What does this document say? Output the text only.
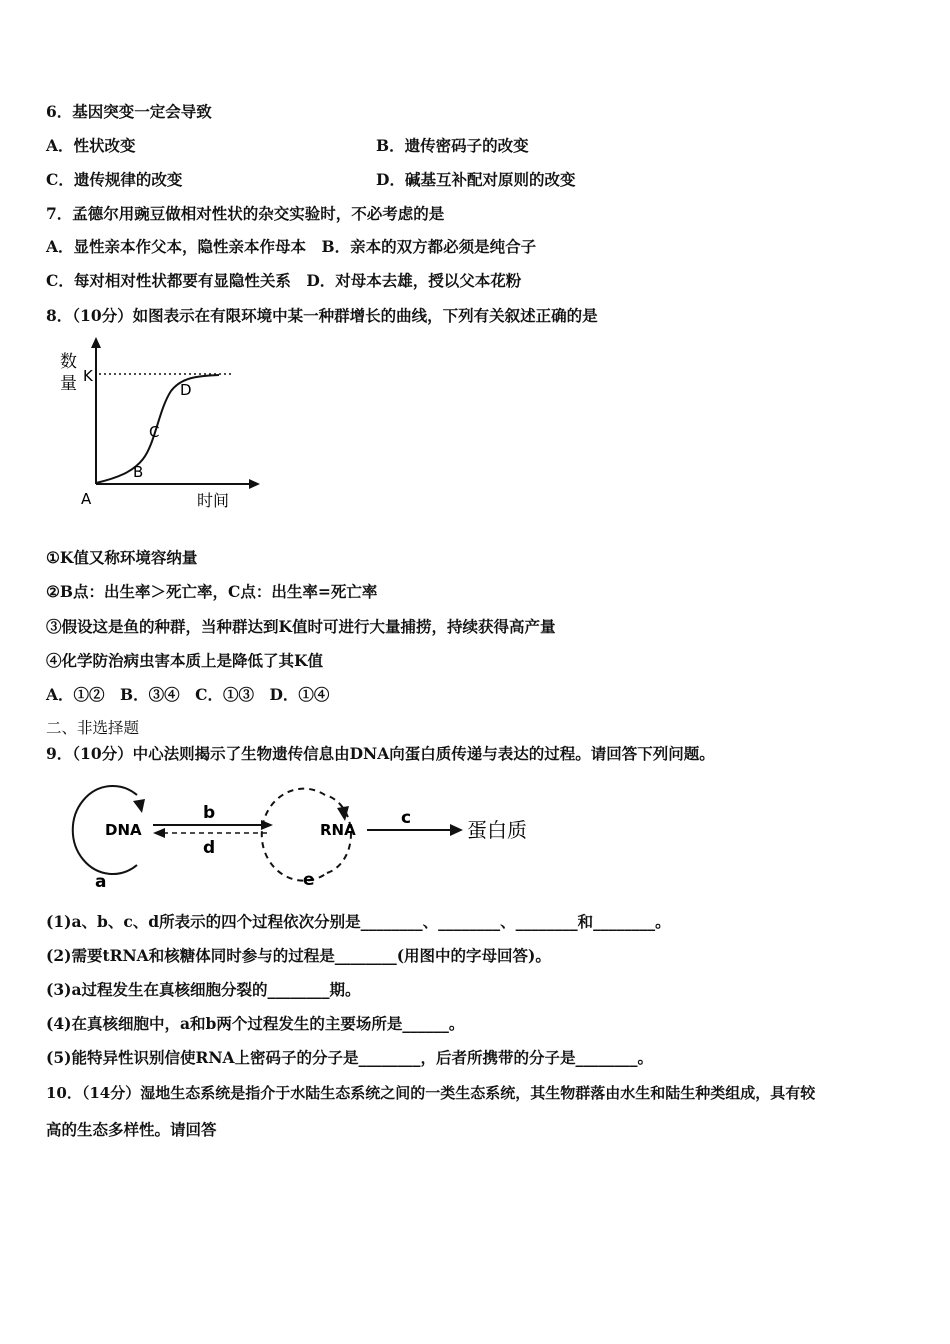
6．基因突变一定会导致
A．性状改变	B．遗传密码子的改变
C．遗传规律的改变	D．碱基互补配对原则的改变
7．孟德尔用豌豆做相对性状的杂交实验时，不必考虑的是
A．显性亲本作父本，隐性亲本作母本　B．亲本的双方都必须是纯合子
C．每对相对性状都要有显隐性关系　D．对母本去雄，授以父本花粉
8．（10分）如图表示在有限环境中某一种群增长的曲线，下列有关叙述正确的是
数
量 K
D
C
B
A	时间
①K值又称环境容纳量
②B点：出生率＞死亡率，C点：出生率=死亡率
③假设这是鱼的种群，当种群达到K值时可进行大量捕捞，持续获得高产量
④化学防治病虫害本质上是降低了其K值
A．①②　B．③④　C．①③　D．①④
二、非选择题
9．（10分）中心法则揭示了生物遗传信息由DNA向蛋白质传递与表达的过程。请回答下列问题。
DNA	RNA	蛋白质
b
d
c
a	e
(1)a、b、c、d所表示的四个过程依次分别是________、________、________和________。
(2)需要tRNA和核糖体同时参与的过程是________(用图中的字母回答)。
(3)a过程发生在真核细胞分裂的________期。
(4)在真核细胞中，a和b两个过程发生的主要场所是______。
(5)能特异性识别信使RNA上密码子的分子是________，后者所携带的分子是________。
10．（14分）湿地生态系统是指介于水陆生态系统之间的一类生态系统，其生物群落由水生和陆生种类组成，具有较
高的生态多样性。请回答
